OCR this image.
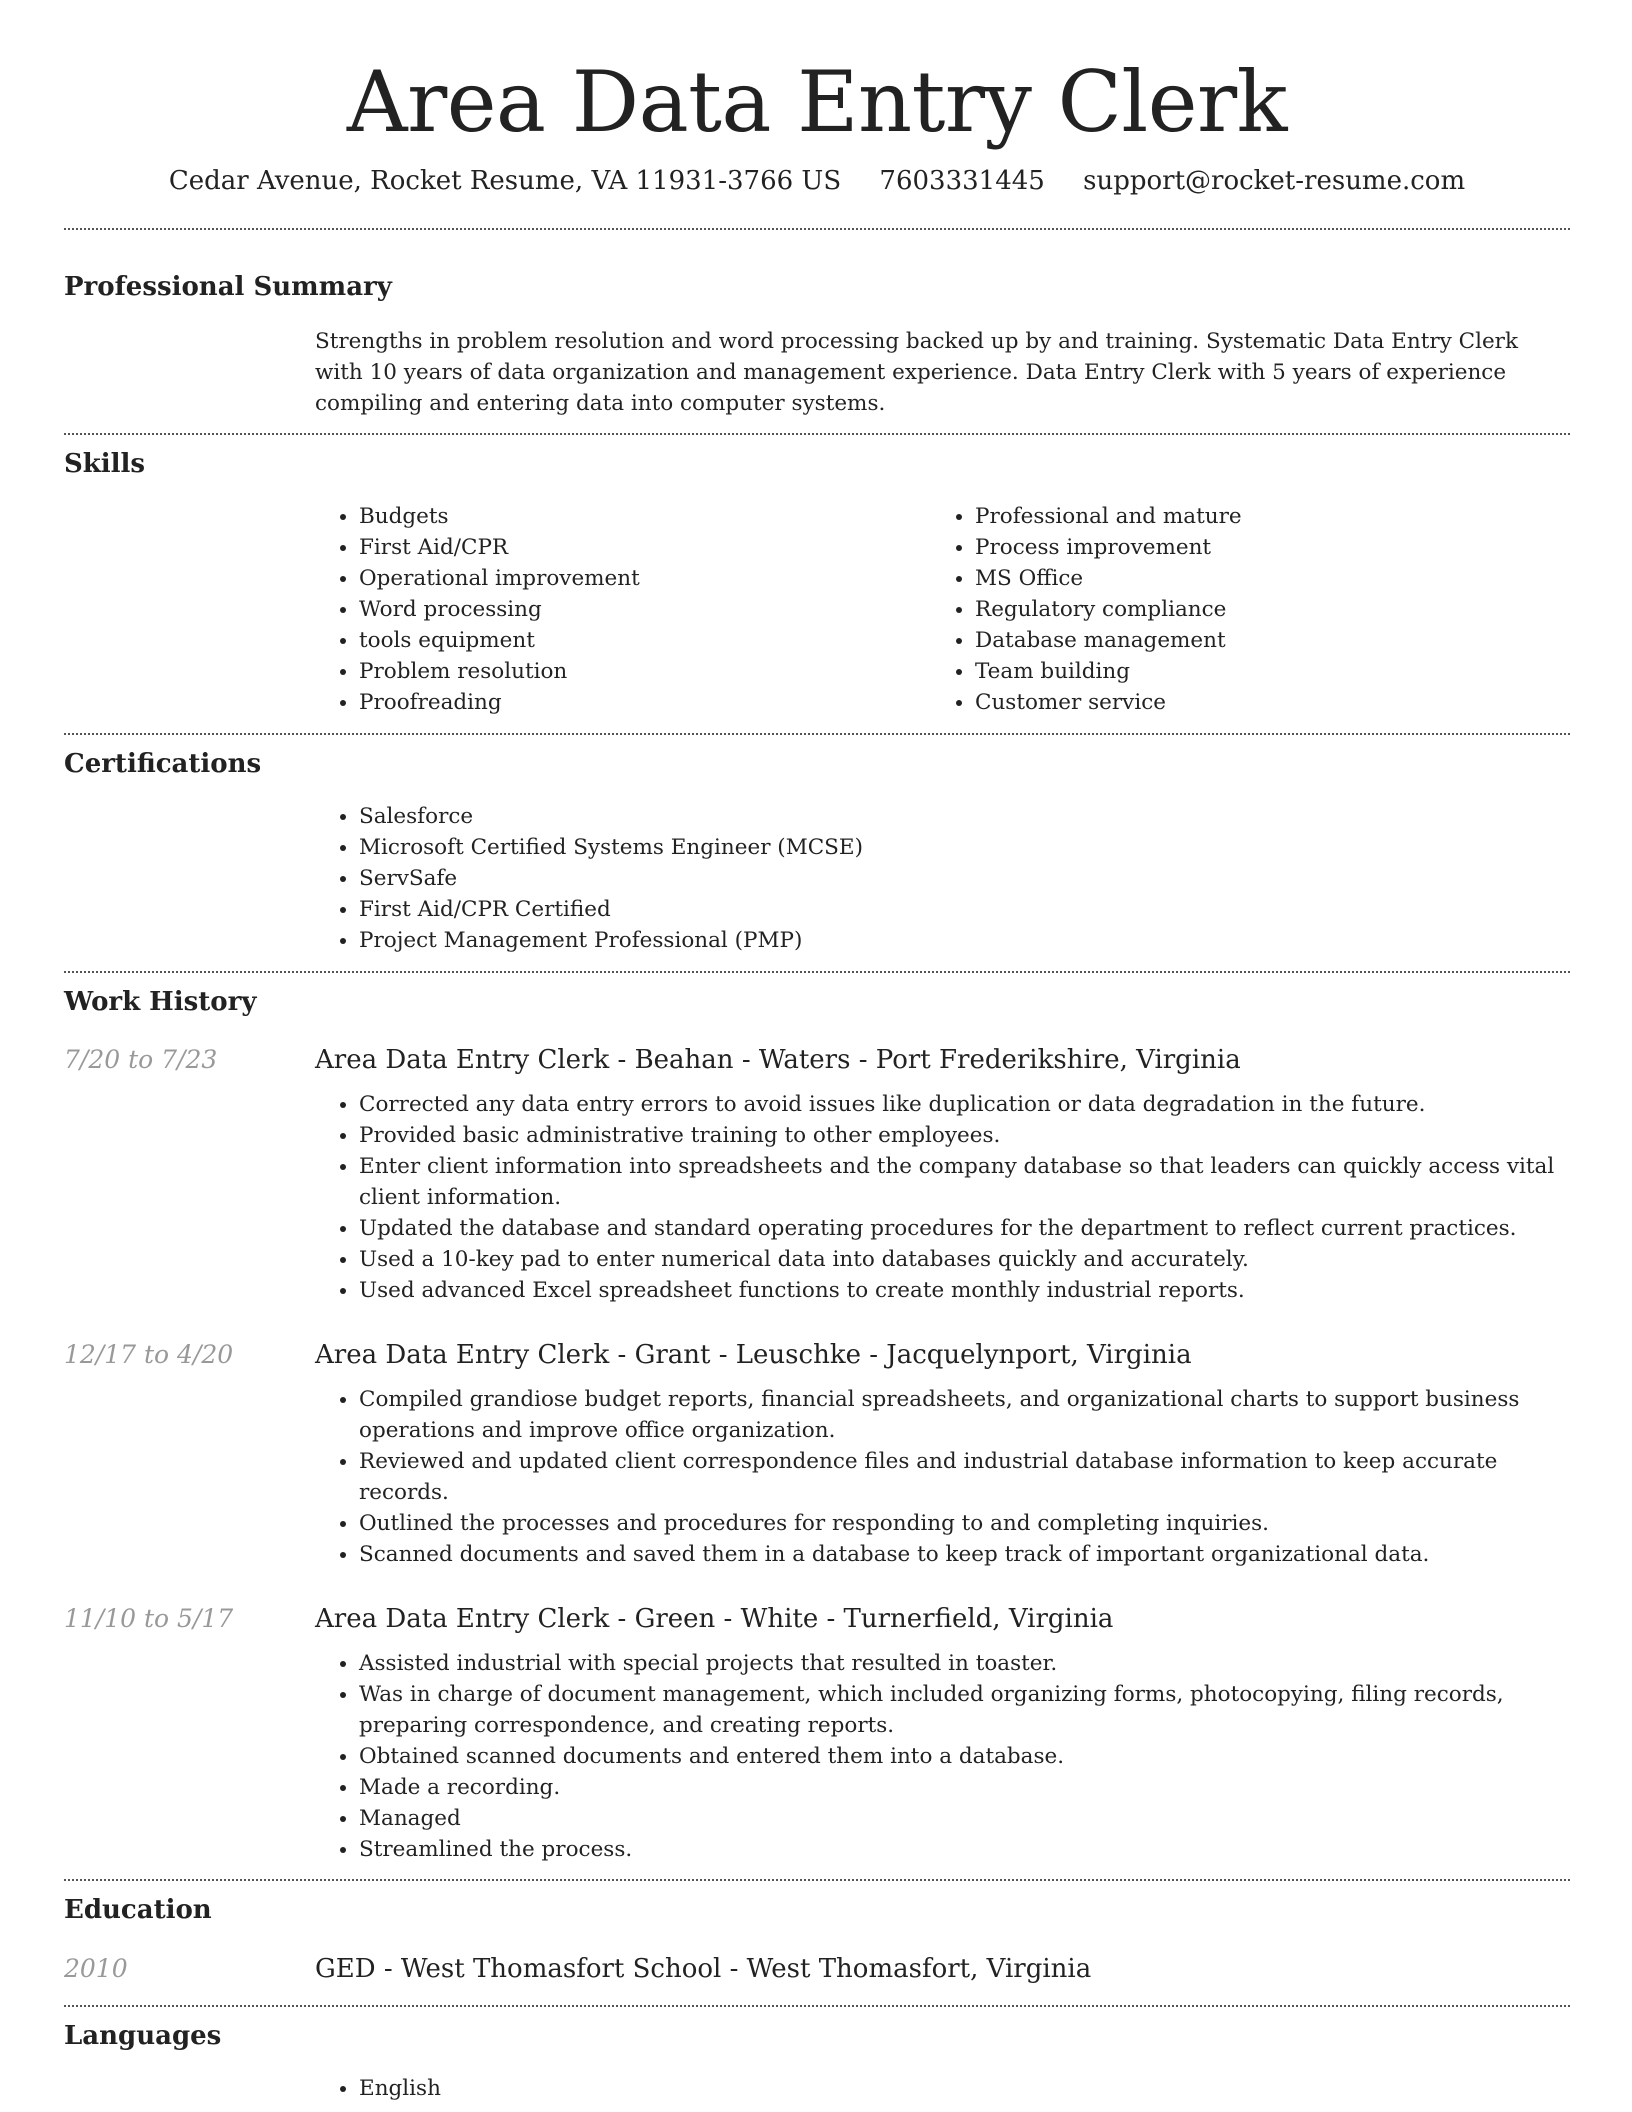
Area Data Entry Clerk
Cedar Avenue, Rocket Resume, VA 11931-3766 US 7603331445 support@rocket-resume.com
Professional Summary
Strengths in problem resolution and word processing backed up by and training. Systematic Data Entry Clerk with 10 years of data organization and management experience. Data Entry Clerk with 5 years of experience compiling and entering data into computer systems.
Skills
• Budgets
• First Aid/CPR
• Operational improvement
• Word processing
• tools equipment
• Problem resolution
• Proofreading
• Professional and mature
• Process improvement
• MS Office
• Regulatory compliance
• Database management
• Team building
• Customer service
Certifications
• Salesforce
• Microsoft Certified Systems Engineer (MCSE)
• ServSafe
• First Aid/CPR Certified
• Project Management Professional (PMP)
Work History
7/20 to 7/23	Area Data Entry Clerk - Beahan - Waters - Port Frederikshire, Virginia
• Corrected any data entry errors to avoid issues like duplication or data degradation in the future.
• Provided basic administrative training to other employees.
• Enter client information into spreadsheets and the company database so that leaders can quickly access vital client information.
• Updated the database and standard operating procedures for the department to reflect current practices.
• Used a 10-key pad to enter numerical data into databases quickly and accurately.
• Used advanced Excel spreadsheet functions to create monthly industrial reports.
12/17 to 4/20	Area Data Entry Clerk - Grant - Leuschke - Jacquelynport, Virginia
• Compiled grandiose budget reports, financial spreadsheets, and organizational charts to support business operations and improve office organization.
• Reviewed and updated client correspondence files and industrial database information to keep accurate records.
• Outlined the processes and procedures for responding to and completing inquiries.
• Scanned documents and saved them in a database to keep track of important organizational data.
11/10 to 5/17	Area Data Entry Clerk - Green - White - Turnerfield, Virginia
• Assisted industrial with special projects that resulted in toaster.
• Was in charge of document management, which included organizing forms, photocopying, filing records, preparing correspondence, and creating reports.
• Obtained scanned documents and entered them into a database.
• Made a recording.
• Managed
• Streamlined the process.
Education
2010	GED - West Thomasfort School - West Thomasfort, Virginia
Languages
• English
